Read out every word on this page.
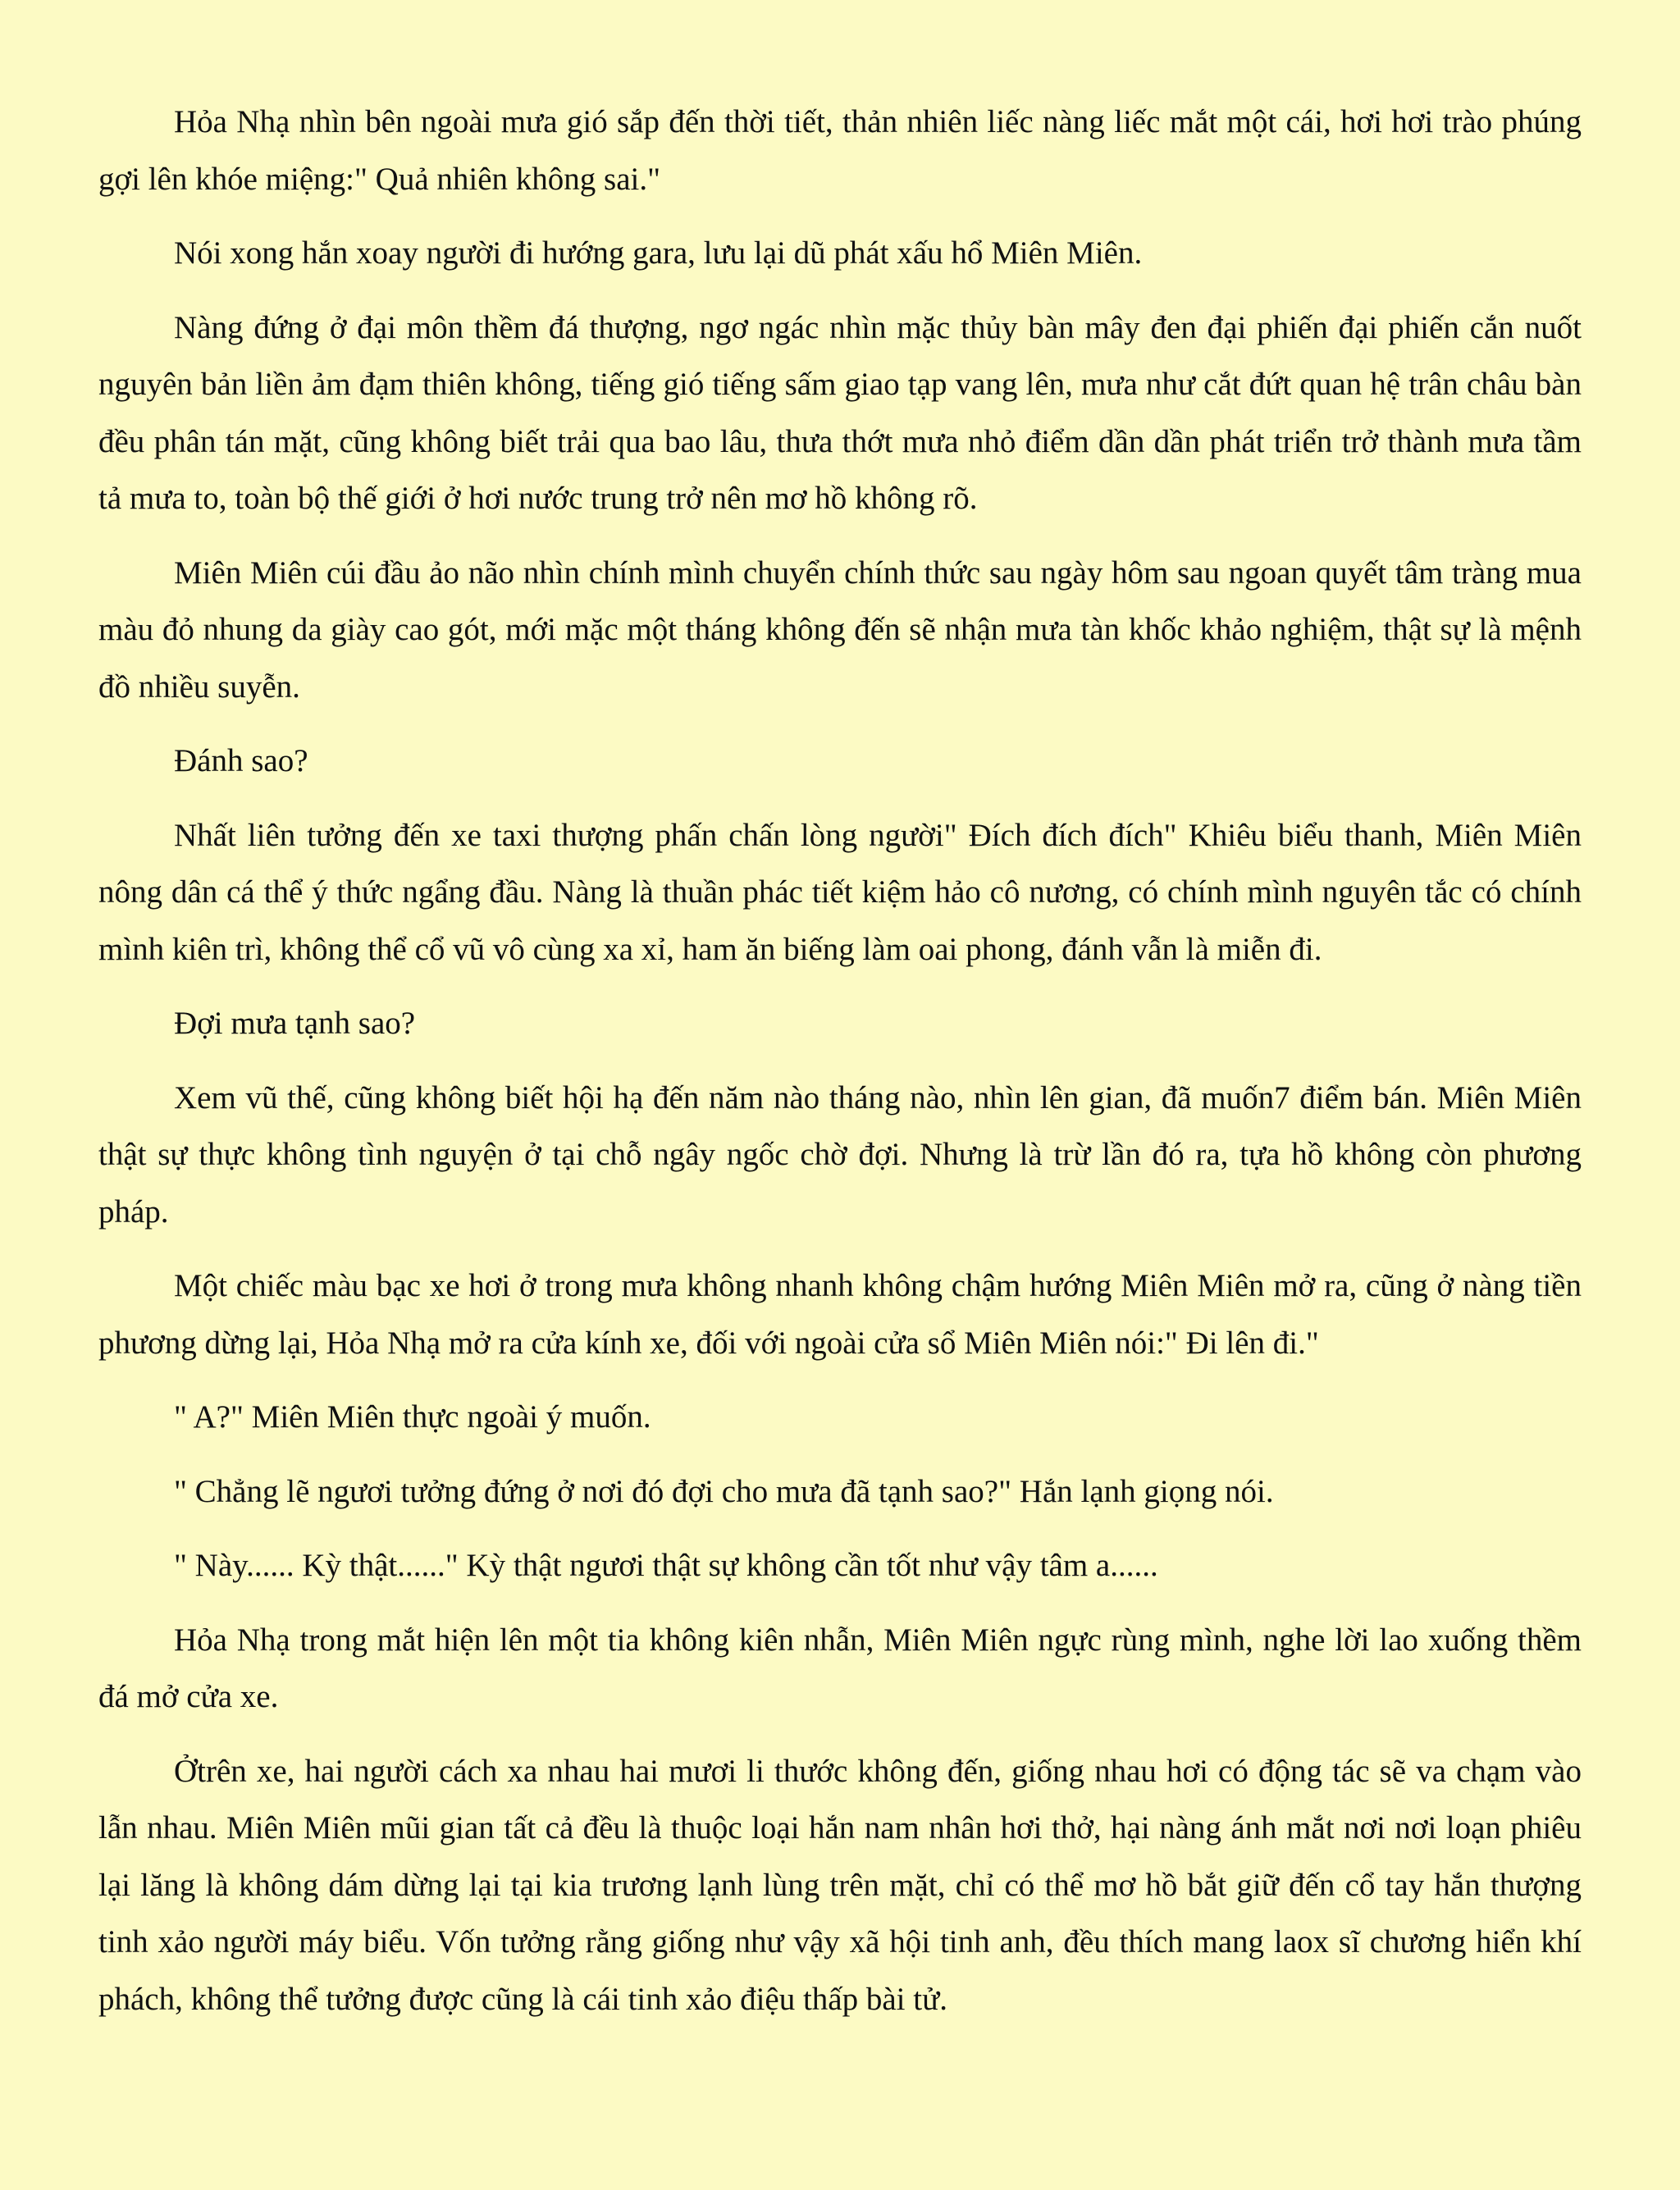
Hỏa Nhạ nhìn bên ngoài mưa gió sắp đến thời tiết, thản nhiên liếc nàng liếc mắt một cái, hơi hơi trào phúng gợi lên khóe miệng:" Quả nhiên không sai."

Nói xong hắn xoay người đi hướng gara, lưu lại dũ phát xấu hổ Miên Miên.

Nàng đứng ở đại môn thềm đá thượng, ngơ ngác nhìn mặc thủy bàn mây đen đại phiến đại phiến cắn nuốt nguyên bản liền ảm đạm thiên không, tiếng gió tiếng sấm giao tạp vang lên, mưa như cắt đứt quan hệ trân châu bàn đều phân tán mặt, cũng không biết trải qua bao lâu, thưa thớt mưa nhỏ điểm dần dần phát triển trở thành mưa tầm tả mưa to, toàn bộ thế giới ở hơi nước trung trở nên mơ hồ không rõ.

Miên Miên cúi đầu ảo não nhìn chính mình chuyển chính thức sau ngày hôm sau ngoan quyết tâm tràng mua màu đỏ nhung da giày cao gót, mới mặc một tháng không đến sẽ nhận mưa tàn khốc khảo nghiệm, thật sự là mệnh đồ nhiều suyễn.

Đánh sao?

Nhất liên tưởng đến xe taxi thượng phấn chấn lòng người" Đích đích đích" Khiêu biểu thanh, Miên Miên nông dân cá thể ý thức ngẩng đầu. Nàng là thuần phác tiết kiệm hảo cô nương, có chính mình nguyên tắc có chính mình kiên trì, không thể cổ vũ vô cùng xa xỉ, ham ăn biếng làm oai phong, đánh vẫn là miễn đi.

Đợi mưa tạnh sao?

Xem vũ thế, cũng không biết hội hạ đến năm nào tháng nào, nhìn lên gian, đã muốn7 điểm bán. Miên Miên thật sự thực không tình nguyện ở tại chỗ ngây ngốc chờ đợi. Nhưng là trừ lần đó ra, tựa hồ không còn phương pháp.

Một chiếc màu bạc xe hơi ở trong mưa không nhanh không chậm hướng Miên Miên mở ra, cũng ở nàng tiền phương dừng lại, Hỏa Nhạ mở ra cửa kính xe, đối với ngoài cửa sổ Miên Miên nói:" Đi lên đi."

" A?" Miên Miên thực ngoài ý muốn.

" Chẳng lẽ ngươi tưởng đứng ở nơi đó đợi cho mưa đã tạnh sao?" Hắn lạnh giọng nói.

" Này...... Kỳ thật......" Kỳ thật ngươi thật sự không cần tốt như vậy tâm a......

Hỏa Nhạ trong mắt hiện lên một tia không kiên nhẫn, Miên Miên ngực rùng mình, nghe lời lao xuống thềm đá mở cửa xe.

Ởtrên xe, hai người cách xa nhau hai mươi li thước không đến, giống nhau hơi có động tác sẽ va chạm vào lẫn nhau. Miên Miên mũi gian tất cả đều là thuộc loại hắn nam nhân hơi thở, hại nàng ánh mắt nơi nơi loạn phiêu lại lăng là không dám dừng lại tại kia trương lạnh lùng trên mặt, chỉ có thể mơ hồ bắt giữ đến cổ tay hắn thượng tinh xảo người máy biểu. Vốn tưởng rằng giống như vậy xã hội tinh anh, đều thích mang laox sĩ chương hiển khí phách, không thể tưởng được cũng là cái tinh xảo điệu thấp bài tử.
